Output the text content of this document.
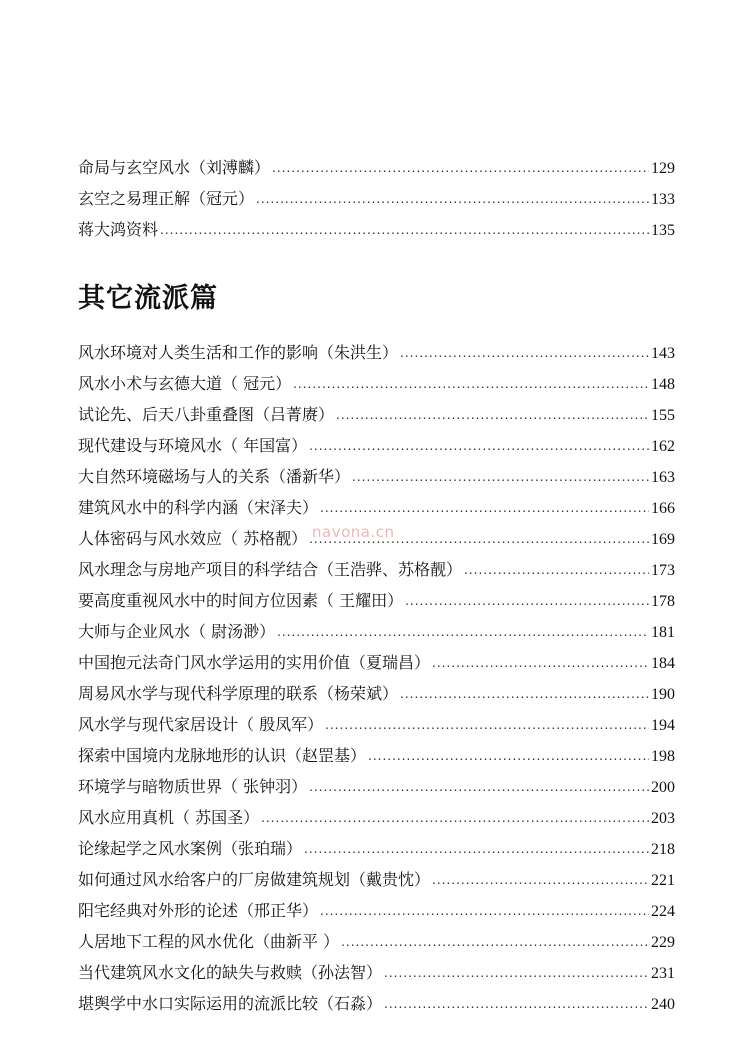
命局与玄空风水（刘溥麟） .....	129
玄空之易理正解（冠元） .....	133
蒋大鸿资料 .....	135
其它流派篇
风水环境对人类生活和工作的影响（朱洪生） .....	143
风水小术与玄德大道（ 冠元） .....	148
试论先、后天八卦重叠图（吕菁赓） .....	155
现代建设与环境风水（ 年国富） .....	162
大自然环境磁场与人的关系（潘新华） .....	163
建筑风水中的科学内涵（宋泽夫） .....	166
人体密码与风水效应（ 苏格靓） .....	169
风水理念与房地产项目的科学结合（王浩骅、苏格靓） .....	173
要高度重视风水中的时间方位因素（ 王耀田） .....	178
大师与企业风水（ 尉汤渺） .....	181
中国抱元法奇门风水学运用的实用价值（夏瑞昌） .....	184
周易风水学与现代科学原理的联系（杨荣斌） .....	190
风水学与现代家居设计（ 殷凤军） .....	194
探索中国境内龙脉地形的认识（赵罡基） .....	198
环境学与暗物质世界（ 张钟羽） .....	200
风水应用真机（ 苏国圣） .....	203
论缘起学之风水案例（张珀瑞） .....	218
如何通过风水给客户的厂房做建筑规划（戴贵忱） .....	221
阳宅经典对外形的论述（邢正华） .....	224
人居地下工程的风水优化（曲新平 ） .....	229
当代建筑风水文化的缺失与救赎（孙法智） .....	231
堪舆学中水口实际运用的流派比较（石淼） .....	240
navona.cn
